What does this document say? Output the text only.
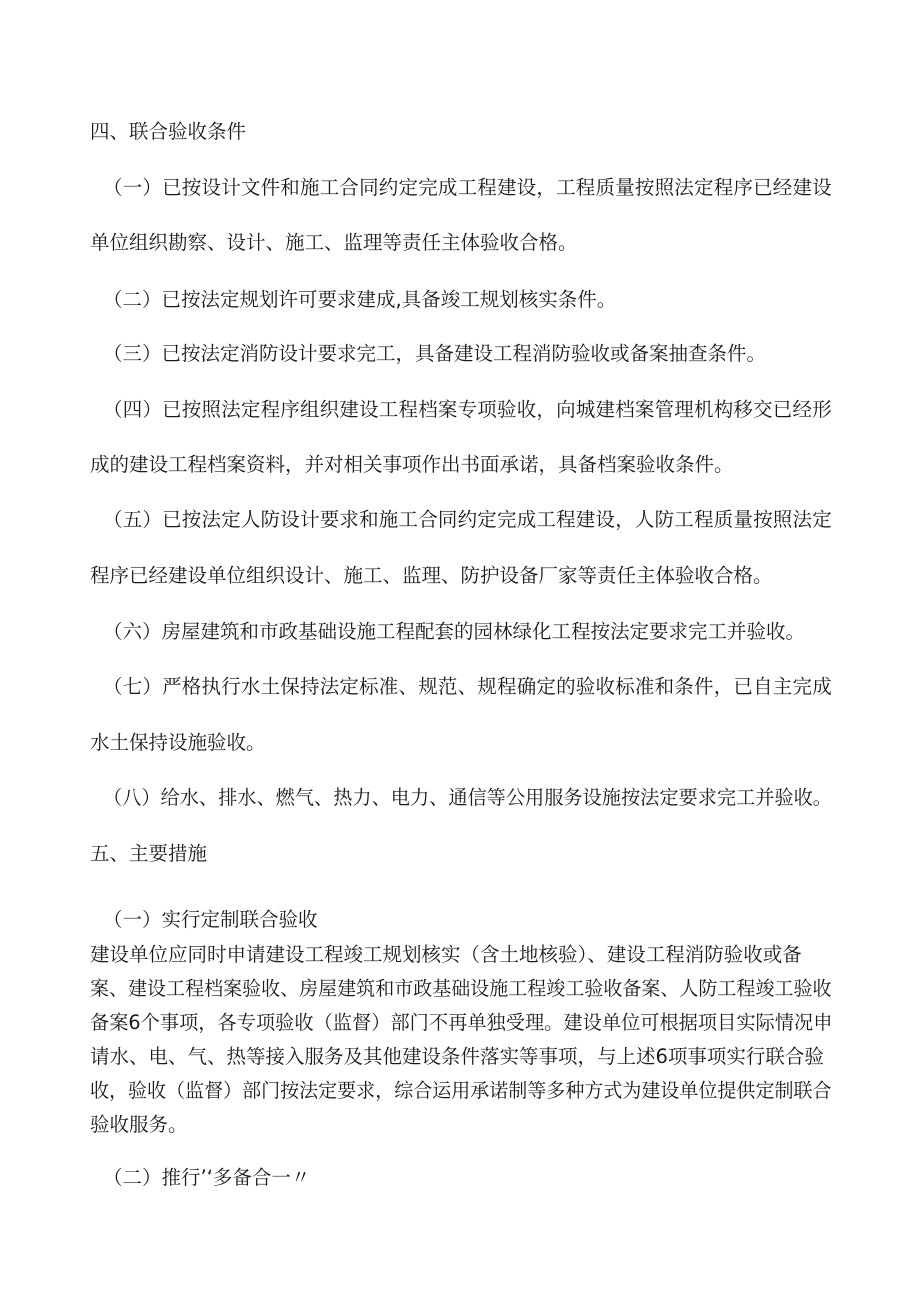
四、联合验收条件

（一）已按设计文件和施工合同约定完成工程建设，工程质量按照法定程序已经建设

单位组织勘察、设计、施工、监理等责任主体验收合格。

（二）已按法定规划许可要求建成,具备竣工规划核实条件。

（三）已按法定消防设计要求完工，具备建设工程消防验收或备案抽查条件。

（四）已按照法定程序组织建设工程档案专项验收，向城建档案管理机构移交已经形

成的建设工程档案资料，并对相关事项作出书面承诺，具备档案验收条件。

（五）已按法定人防设计要求和施工合同约定完成工程建设，人防工程质量按照法定

程序已经建设单位组织设计、施工、监理、防护设备厂家等责任主体验收合格。

（六）房屋建筑和市政基础设施工程配套的园林绿化工程按法定要求完工并验收。

（七）严格执行水土保持法定标准、规范、规程确定的验收标准和条件，已自主完成

水土保持设施验收。

（八）给水、排水、燃气、热力、电力、通信等公用服务设施按法定要求完工并验收。

五、主要措施

（一）实行定制联合验收

建设单位应同时申请建设工程竣工规划核实（含土地核验）、建设工程消防验收或备

案、建设工程档案验收、房屋建筑和市政基础设施工程竣工验收备案、人防工程竣工验收

备案6个事项，各专项验收（监督）部门不再单独受理。建设单位可根据项目实际情况申

请水、电、气、热等接入服务及其他建设条件落实等事项，与上述6项事项实行联合验

收，验收（监督）部门按法定要求，综合运用承诺制等多种方式为建设单位提供定制联合

验收服务。

（二）推行’‘多备合一〃
